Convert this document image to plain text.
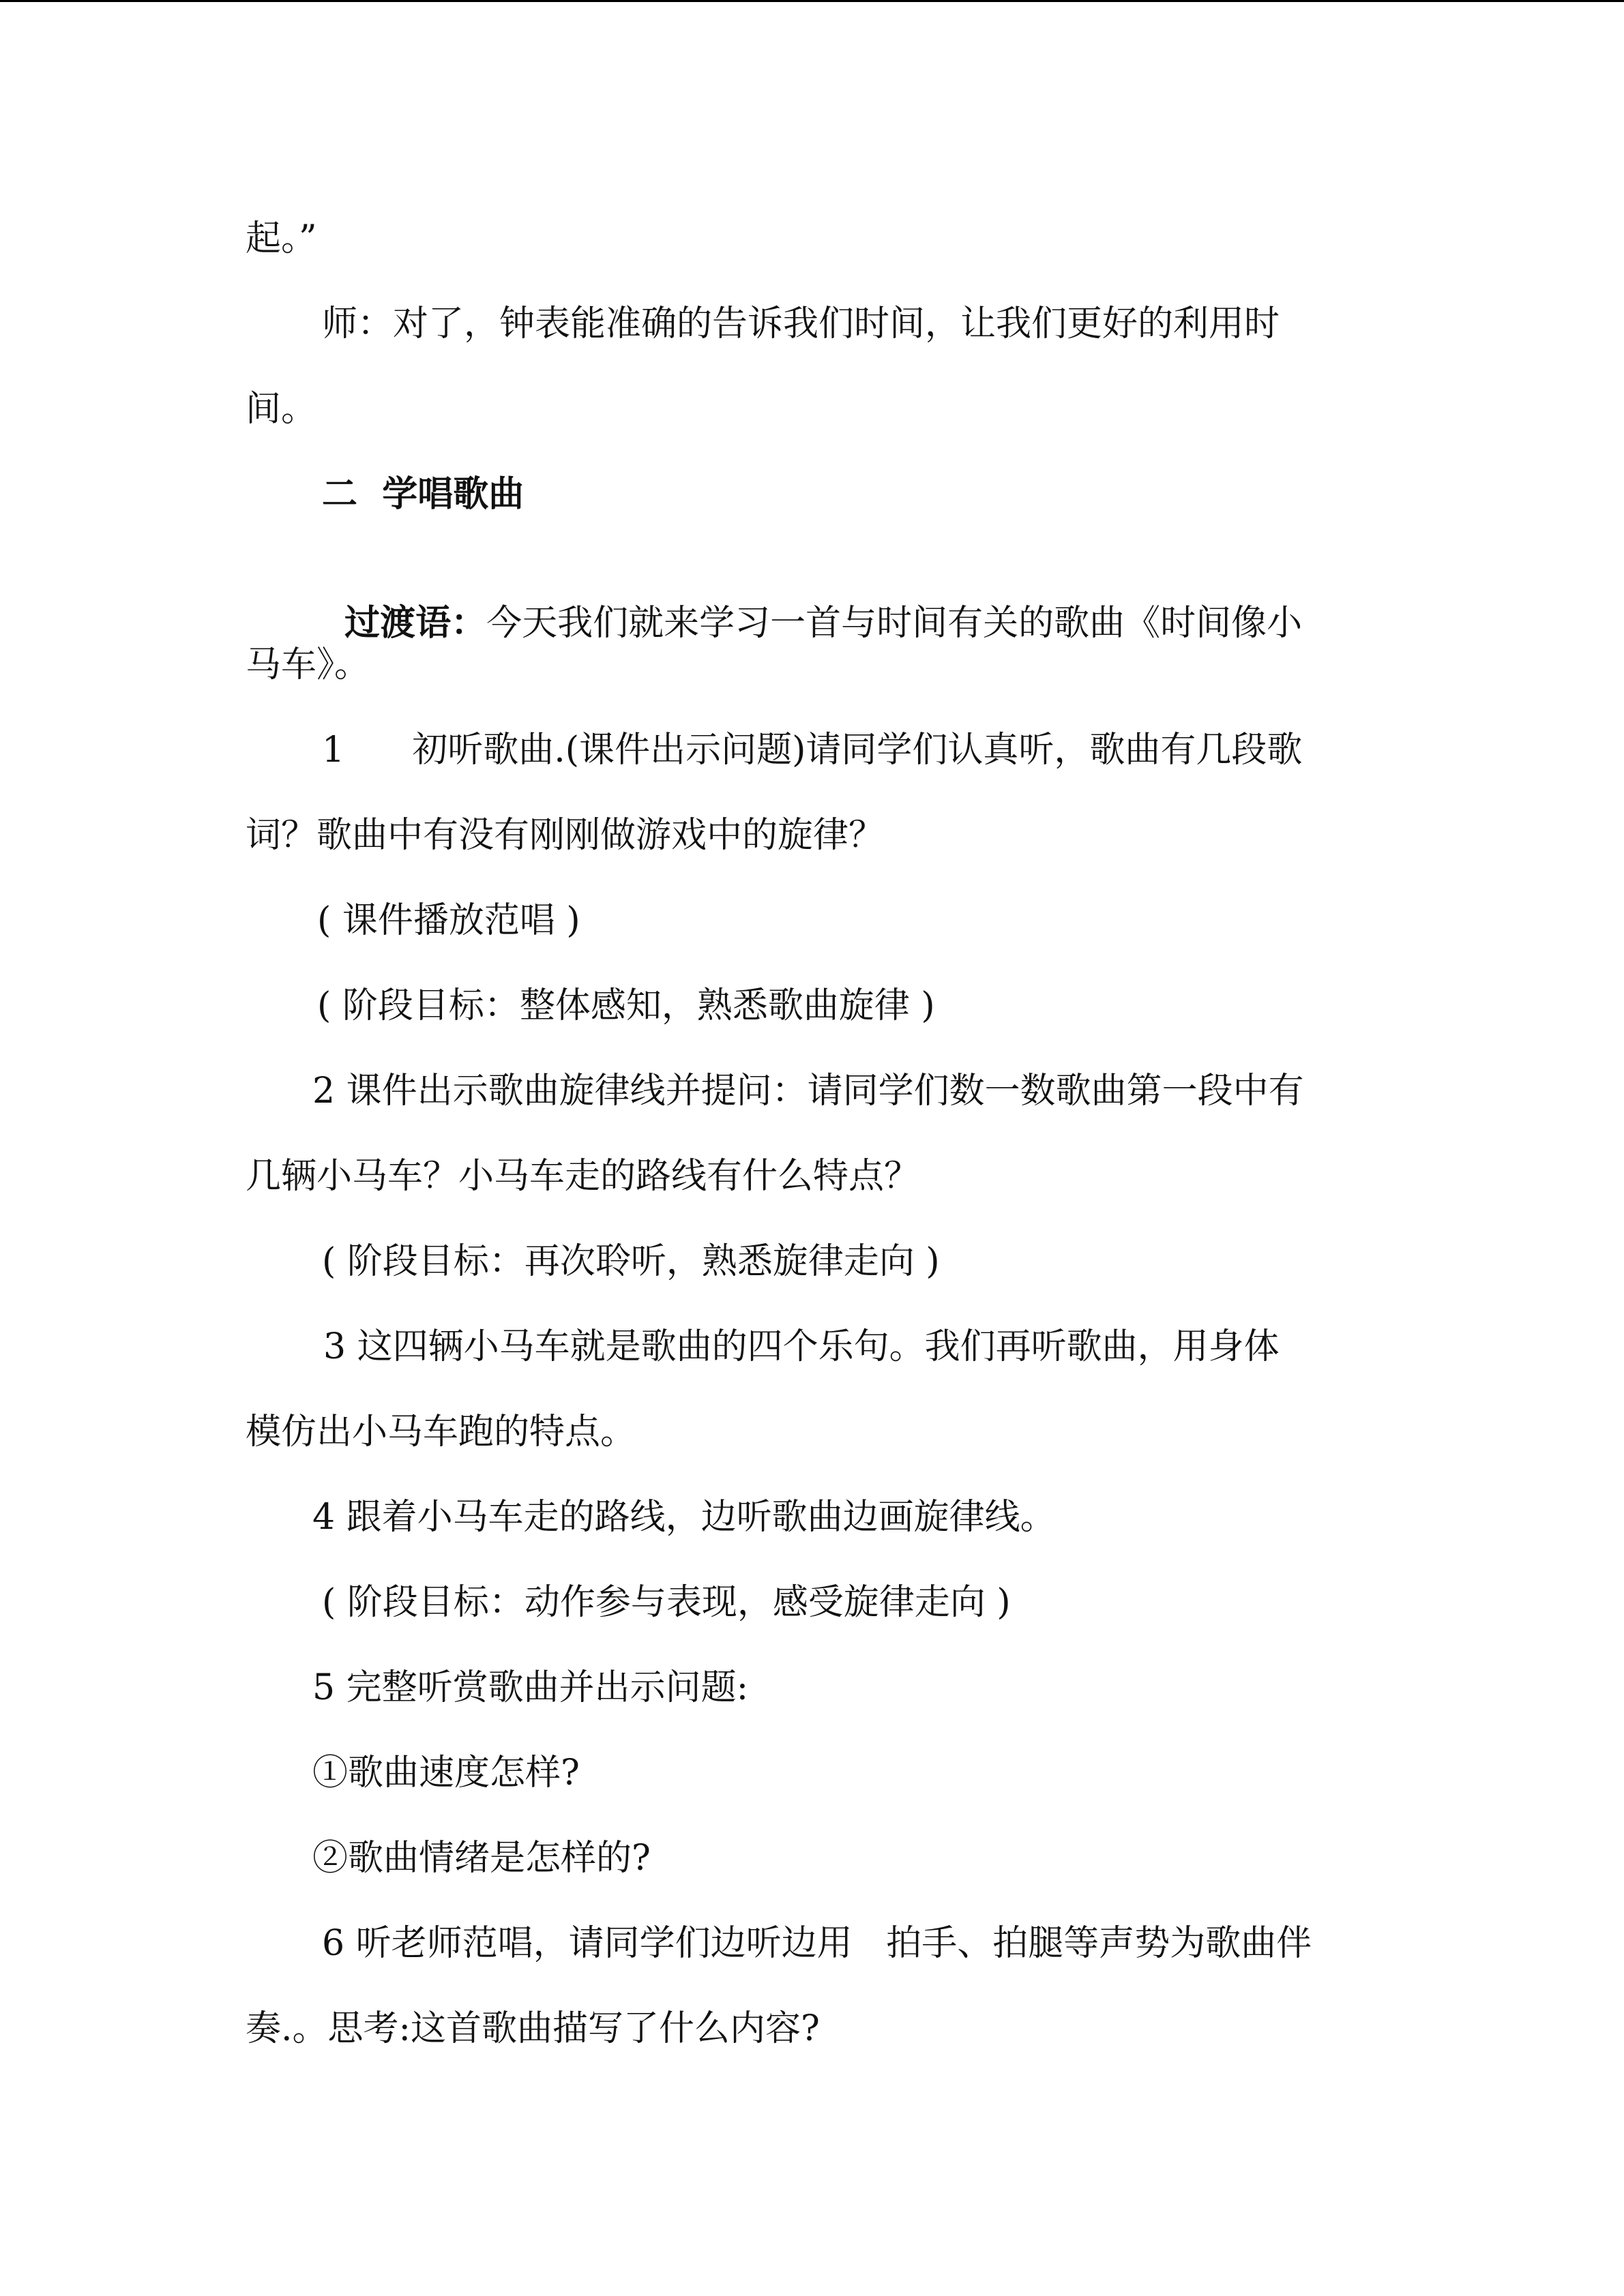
起。”
师：对了，钟表能准确的告诉我们时间，让我们更好的利用时
间。
二  学唱歌曲

过渡语：今天我们就来学习一首与时间有关的歌曲《时间像小

马车》。
1      初听歌曲.(课件出示问题)请同学们认真听，歌曲有几段歌
词？歌曲中有没有刚刚做游戏中的旋律？
( 课件播放范唱 )
( 阶段目标：整体感知，熟悉歌曲旋律 )
2 课件出示歌曲旋律线并提问：请同学们数一数歌曲第一段中有
几辆小马车？小马车走的路线有什么特点？
( 阶段目标：再次聆听，熟悉旋律走向 )
3 这四辆小马车就是歌曲的四个乐句。我们再听歌曲，用身体
模仿出小马车跑的特点。
4 跟着小马车走的路线，边听歌曲边画旋律线。
( 阶段目标：动作参与表现，感受旋律走向 )
5 完整听赏歌曲并出示问题:
①歌曲速度怎样?
②歌曲情绪是怎样的?
6 听老师范唱，请同学们边听边用   拍手、拍腿等声势为歌曲伴
奏.。思考:这首歌曲描写了什么内容?
